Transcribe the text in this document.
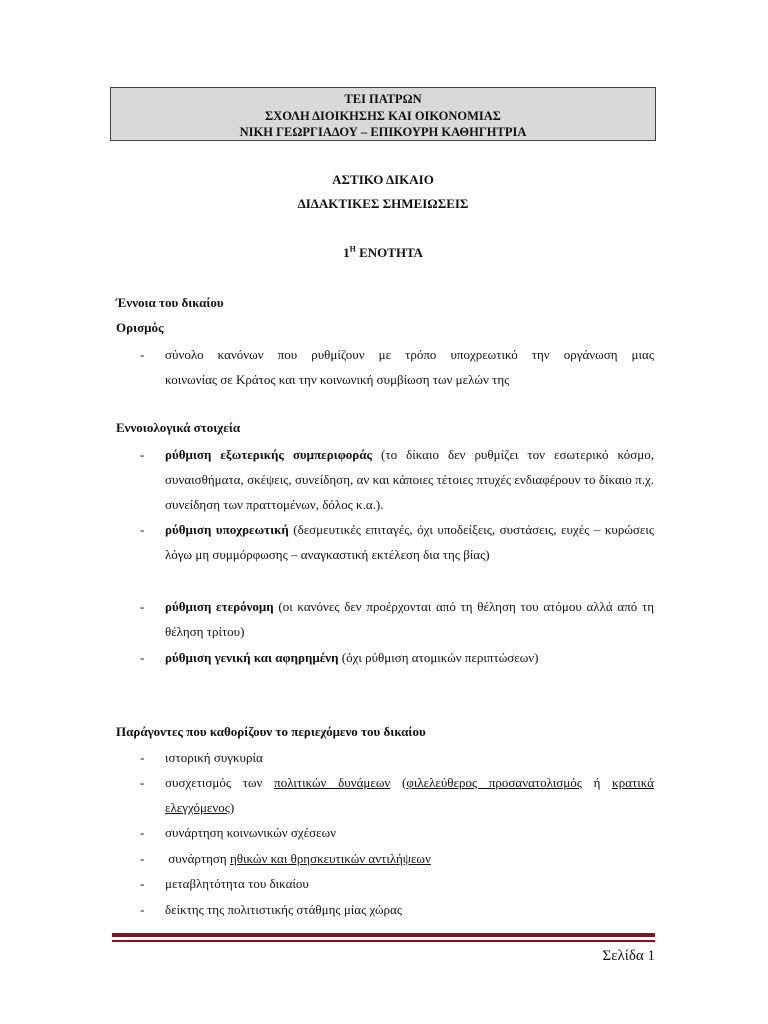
ΤΕΙ ΠΑΤΡΩΝ
ΣΧΟΛΗ ΔΙΟΙΚΗΣΗΣ ΚΑΙ ΟΙΚΟΝΟΜΙΑΣ
ΝΙΚΗ ΓΕΩΡΓΙΑΔΟΥ – ΕΠΙΚΟΥΡΗ ΚΑΘΗΓΗΤΡΙΑ
ΑΣΤΙΚΟ ΔΙΚΑΙΟ
ΔΙΔΑΚΤΙΚΕΣ ΣΗΜΕΙΩΣΕΙΣ
$1^H$ ΕΝΟΤΗΤΑ
Έννοια του δικαίου
Ορισμός
- σύνολο κανόνων που ρυθμίζουν με τρόπο υποχρεωτικό την οργάνωση μιας
κοινωνίας σε Κράτος και την κοινωνική συμβίωση των μελών της
Εννοιολογικά στοιχεία
- ρύθμιση εξωτερικής συμπεριφοράς (το δίκαιο δεν ρυθμίζει τον εσωτερικό κόσμο, συναισθήματα, σκέψεις, συνείδηση, αν και κάποιες τέτοιες πτυχές ενδιαφέρουν το δίκαιο π.χ. συνείδηση των πραττομένων, δόλος κ.α.).
- ρύθμιση υποχρεωτική (δεσμευτικές επιταγές, όχι υποδείξεις, συστάσεις, ευχές – κυρώσεις λόγω μη συμμόρφωσης – αναγκαστική εκτέλεση δια της βίας)
- ρύθμιση ετερόνομη (οι κανόνες δεν προέρχονται από τη θέληση του ατόμου αλλά από τη θέληση τρίτου)
- ρύθμιση γενική και αφηρημένη (όχι ρύθμιση ατομικών περιπτώσεων)
Παράγοντες που καθορίζουν το περιεχόμενο του δικαίου
- ιστορική συγκυρία
- συσχετισμός των πολιτικών δυνάμεων (φιλελεύθερος προσανατολισμός ή κρατικά ελεγχόμενος)
- συνάρτηση κοινωνικών σχέσεων
- συνάρτηση ηθικών και θρησκευτικών αντιλήψεων
- μεταβλητότητα του δικαίου
- δείκτης της πολιτιστικής στάθμης μίας χώρας
Σελίδα 1
